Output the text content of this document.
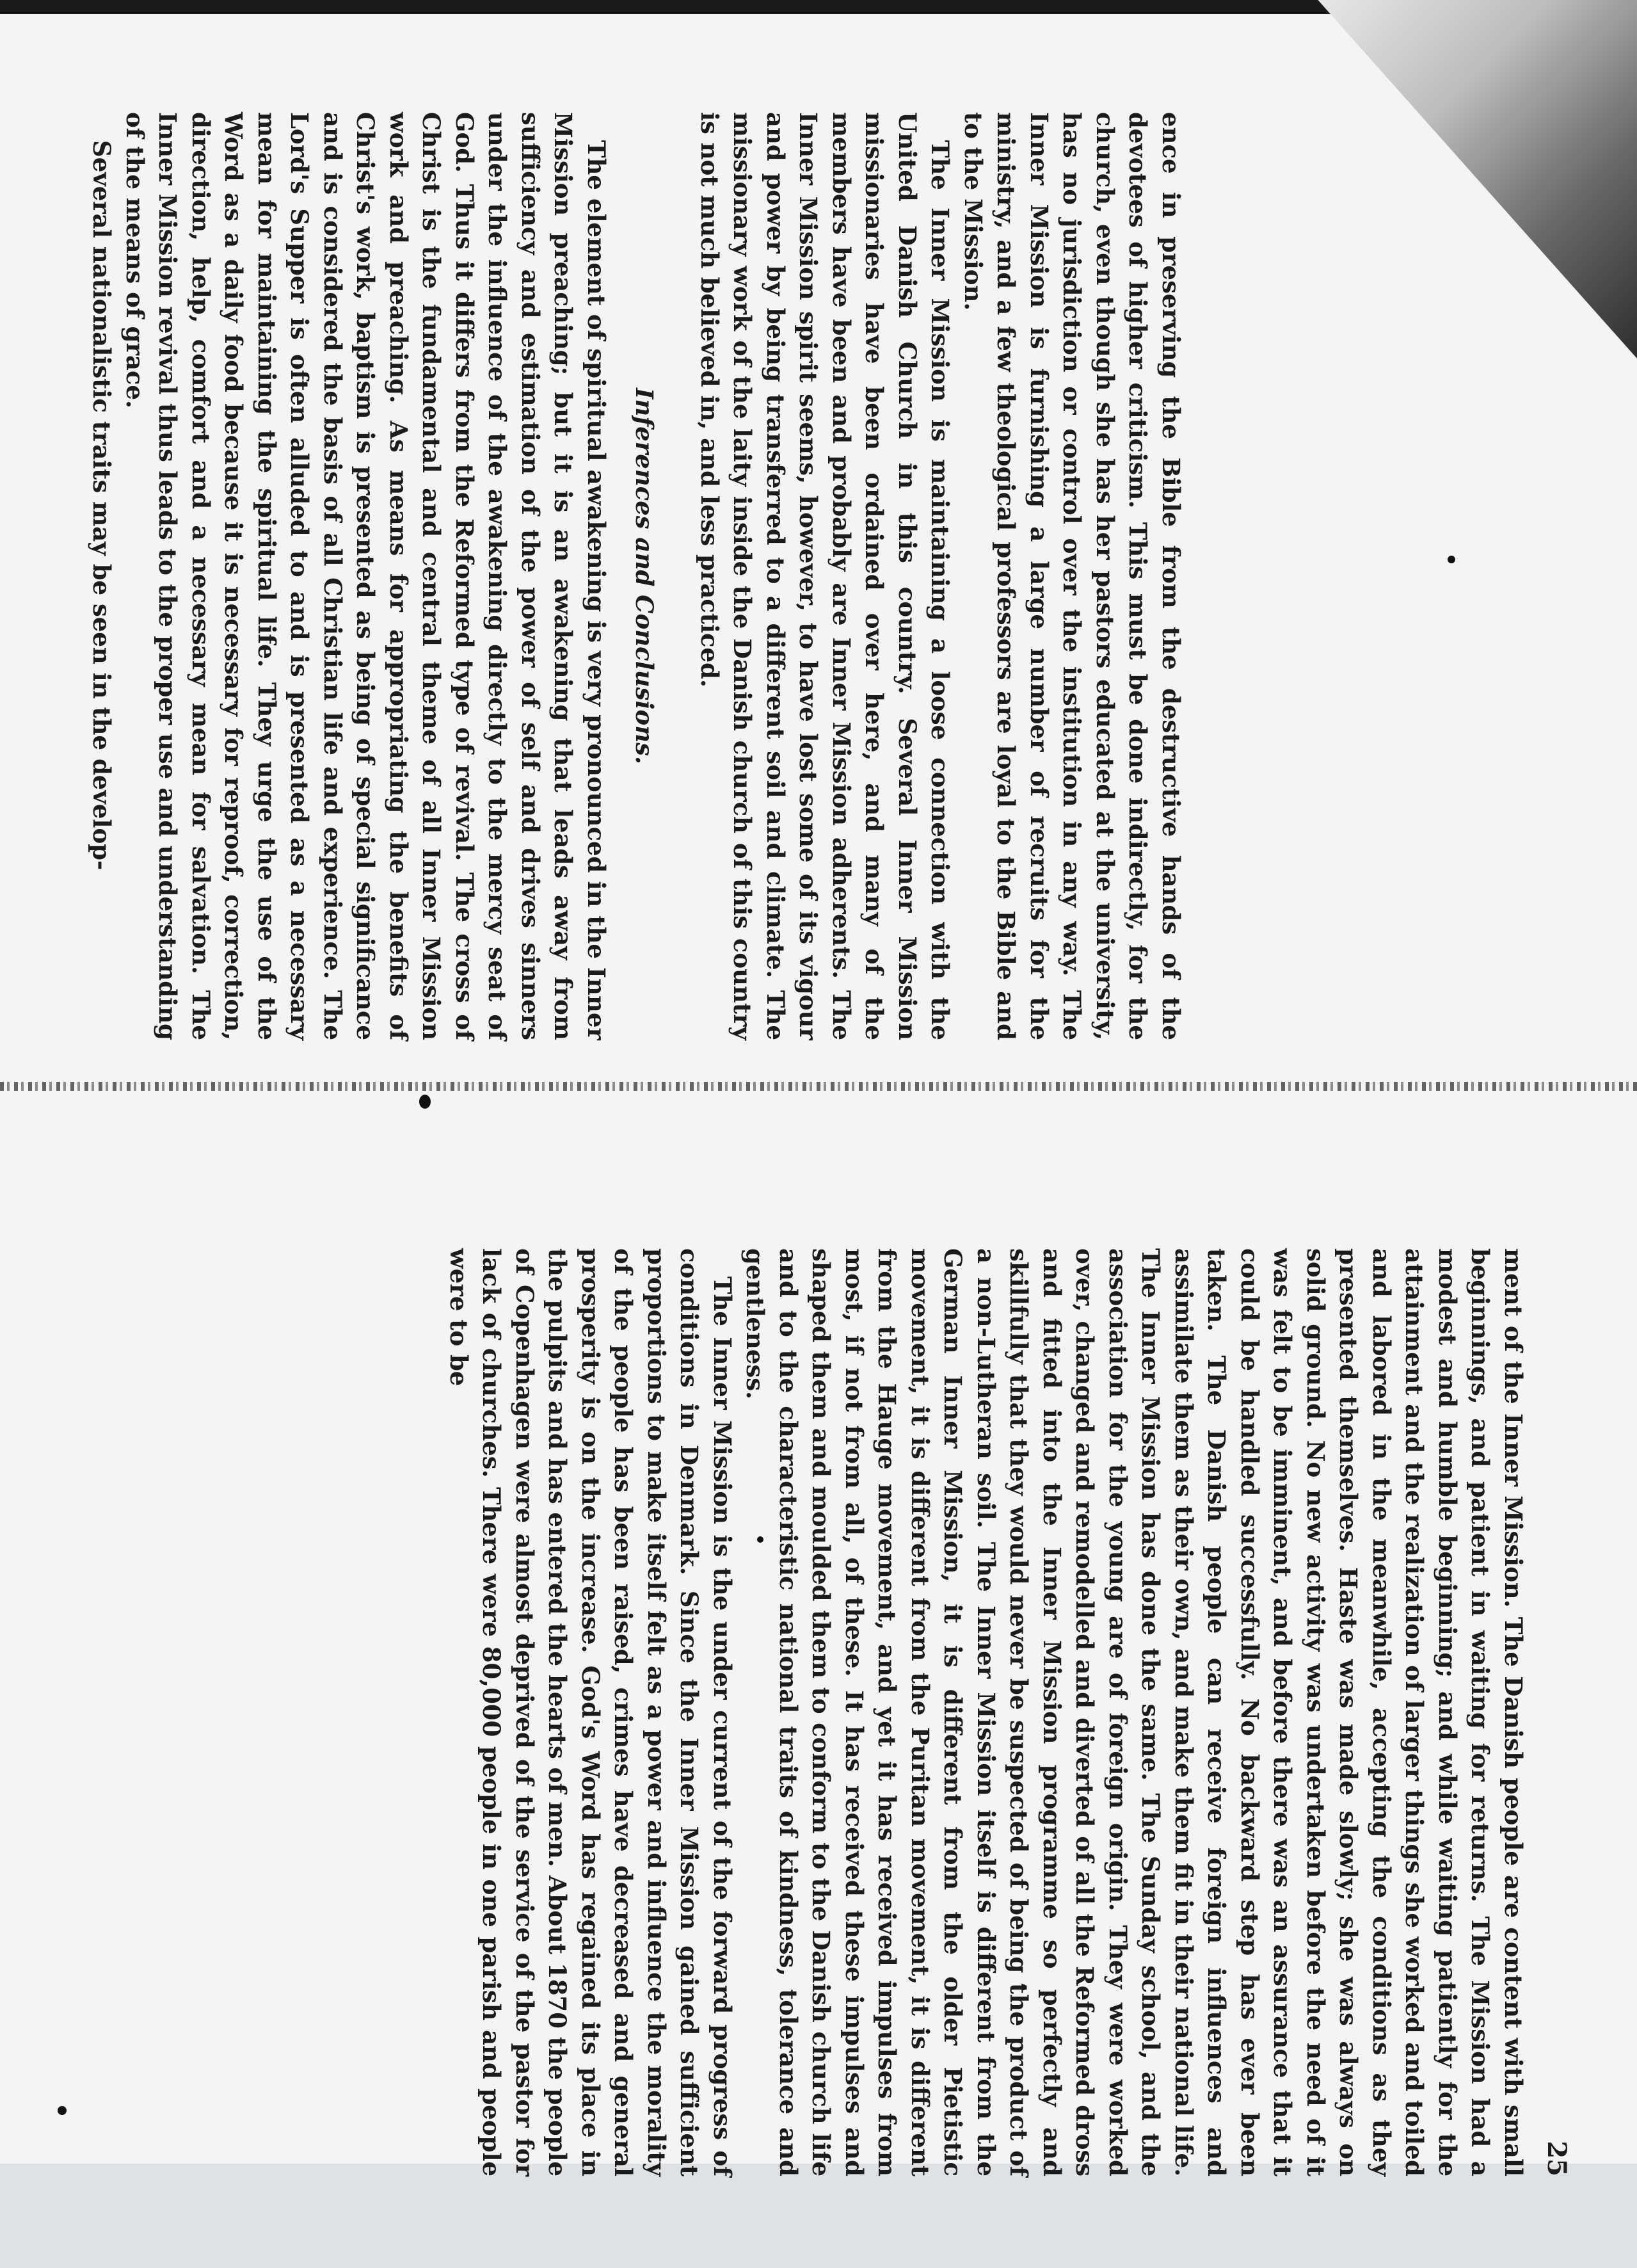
ence in preserving the Bible from the destructive hands of the devotees of higher criticism. This must be done indirectly, for the church, even though she has her pastors educated at the university, has no jurisdiction or control over the institution in any way. The Inner Mission is furnishing a large number of recruits for the ministry, and a few theological professors are loyal to the Bible and to the Mission.

The Inner Mission is maintaining a loose connection with the United Danish Church in this country. Several Inner Mission missionaries have been ordained over here, and many of the members have been and probably are Inner Mission adherents. The Inner Mission spirit seems, however, to have lost some of its vigour and power by being transferred to a different soil and climate. The missionary work of the laity inside the Danish church of this country is not much believed in, and less practiced.

Inferences and Conclusions.

The element of spiritual awakening is very pronounced in the Inner Mission preaching; but it is an awakening that leads away from sufficiency and estimation of the power of self and drives sinners under the influence of the awakening directly to the mercy seat of God. Thus it differs from the Reformed type of revival. The cross of Christ is the fundamental and central theme of all Inner Mission work and preaching. As means for appropriating the benefits of Christ's work, baptism is presented as being of special significance and is considered the basis of all Christian life and experience. The Lord's Supper is often alluded to and is presented as a necessary mean for maintaining the spiritual life. They urge the use of the Word as a daily food because it is necessary for reproof, correction, direction, help, comfort and a necessary mean for salvation. The Inner Mission revival thus leads to the proper use and understanding of the means of grace.

Several nationalistic traits may be seen in the develop-

25

ment of the Inner Mission. The Danish people are content with small beginnings, and patient in waiting for returns. The Mission had a modest and humble beginning; and while waiting patiently for the attainment and the realization of larger things she worked and toiled and labored in the meanwhile, accepting the conditions as they presented themselves. Haste was made slowly; she was always on solid ground. No new activity was undertaken before the need of it was felt to be imminent, and before there was an assurance that it could be handled successfully. No backward step has ever been taken. The Danish people can receive foreign influences and assimilate them as their own, and make them fit in their national life. The Inner Mission has done the same. The Sunday school, and the association for the young are of foreign origin. They were worked over, changed and remodelled and diverted of all the Reformed dross and fitted into the Inner Mission programme so perfectly and skillfully that they would never be suspected of being the product of a non-Lutheran soil. The Inner Mission itself is different from the German Inner Mission, it is different from the older Pietistic movement, it is different from the Puritan movement, it is different from the Hauge movement, and yet it has received impulses from most, if not from all, of these. It has received these impulses and shaped them and moulded them to conform to the Danish church life and to the characteristic national traits of kindness, tolerance and gentleness.

The Inner Mission is the under current of the forward progress of conditions in Denmark. Since the Inner Mission gained sufficient proportions to make itself felt as a power and influence the morality of the people has been raised, crimes have decreased and general prosperity is on the increase. God's Word has regained its place in the pulpits and has entered the hearts of men. About 1870 the people of Copenhagen were almost deprived of the service of the pastor for lack of churches. There were 80,000 people in one parish and people were to be
